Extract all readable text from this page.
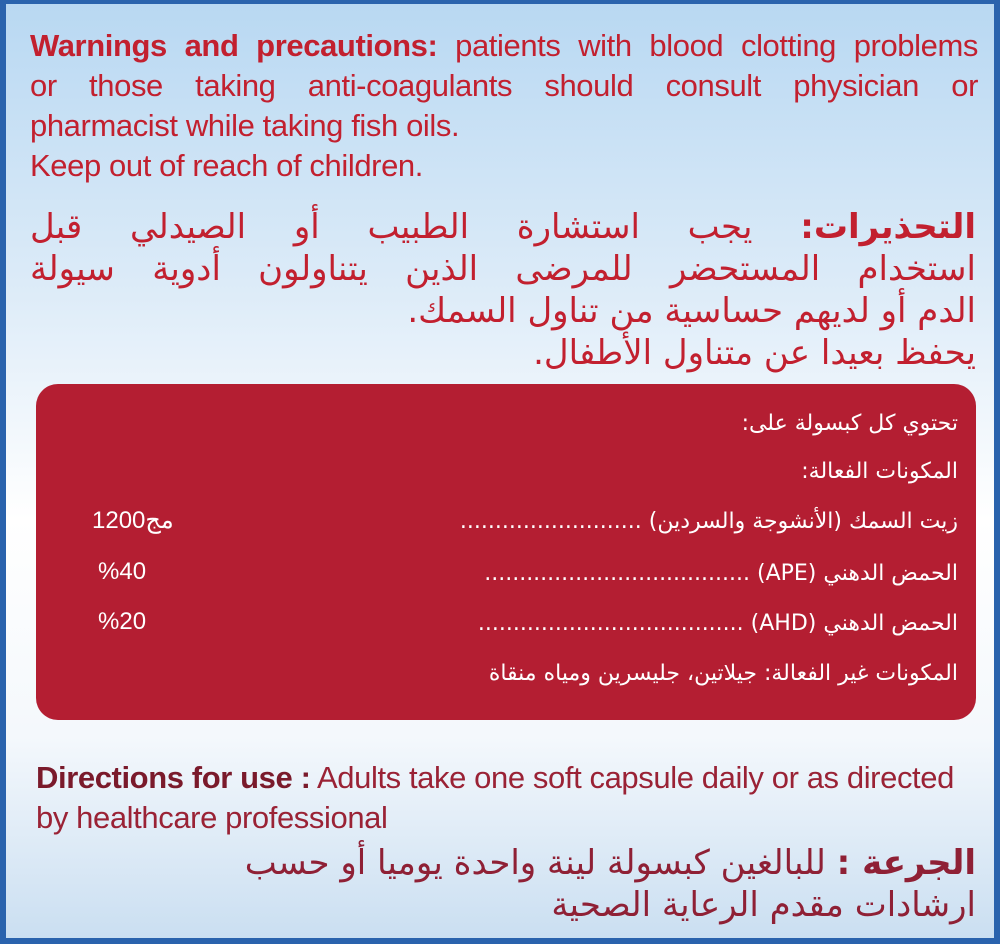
Warnings and precautions: patients with blood clotting problems
or those taking anti-coagulants should consult physician or
pharmacist while taking fish oils.
Keep out of reach of children.
التحذيرات: يجب استشارة الطبيب أو الصيدلي قبل
استخدام المستحضر للمرضى الذين يتناولون أدوية سيولة
الدم أو لديهم حساسية من تناول السمك.
يحفظ بعيدا عن متناول الأطفال.
تحتوي كل كبسولة على:
المكونات الفعالة:
زيت السمك (الأنشوجة والسردين) ..........................
1200مج
الحمض الدهني (APE) ......................................
%40
الحمض الدهني (AHD) ......................................
%20
المكونات غير الفعالة: جيلاتين، جليسرين ومياه منقاة
Directions for use : Adults take one soft capsule daily or as directed
by healthcare professional
الجرعة : للبالغين كبسولة لينة واحدة يوميا أو حسب
ارشادات مقدم الرعاية الصحية
